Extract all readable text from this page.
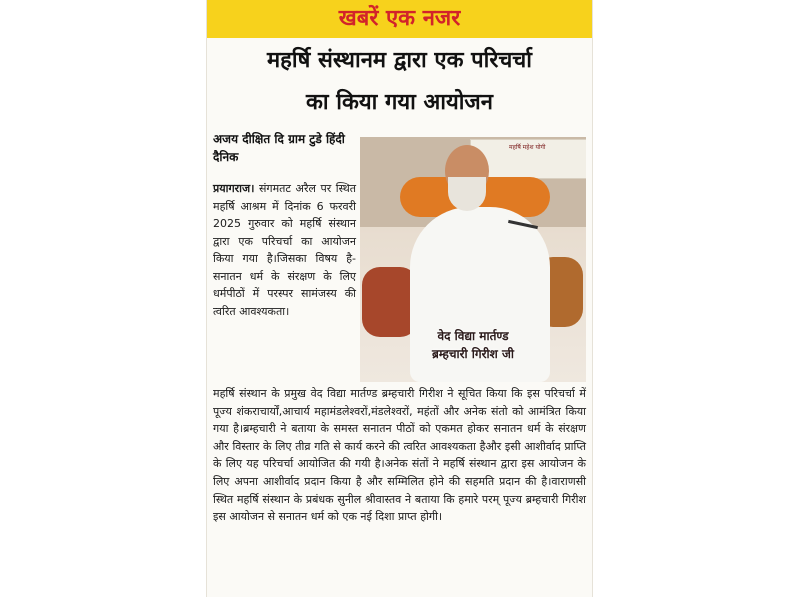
खबरें एक नजर
महर्षि संस्थानम द्वारा एक परिचर्चा
का किया गया आयोजन
अजय दीक्षित दि ग्राम टुडे हिंदी दैनिक
प्रयागराज। संगमतट अरैल पर स्थित महर्षि आश्रम में दिनांक 6 फरवरी 2025 गुरुवार को महर्षि संस्थान द्वारा एक परिचर्चा का आयोजन किया गया है।जिसका विषय है-सनातन धर्म के संरक्षण के लिए धर्मपीठों में परस्पर सामंजस्य की त्वरित आवश्यकता।
महर्षि महेश योगी
वेद विद्या मार्तण्ड
ब्रम्हचारी गिरीश जी
महर्षि संस्थान के प्रमुख वेद विद्या मार्तण्ड ब्रम्हचारी गिरीश ने सूचित किया कि इस परिचर्चा में पूज्य शंकराचार्यों,आचार्य महामंडलेश्वरों,मंडलेश्वरों, महंतों और अनेक संतो को आमंत्रित किया गया है।ब्रम्हचारी ने बताया के समस्त सनातन पीठों को एकमत होकर सनातन धर्म के संरक्षण और विस्तार के लिए तीव्र गति से कार्य करने की त्वरित आवश्यकता हैऔर इसी आशीर्वाद प्राप्ति के लिए यह परिचर्चा आयोजित की गयी है।अनेक संतों ने महर्षि संस्थान द्वारा इस आयोजन के लिए अपना आशीर्वाद प्रदान किया है और सम्मिलित होने की सहमति प्रदान की है।वाराणसी स्थित महर्षि संस्थान के प्रबंधक सुनील श्रीवास्तव ने बताया कि हमारे परम् पूज्य ब्रम्हचारी गिरीश इस आयोजन से सनातन धर्म को एक नई दिशा प्राप्त होगी।
